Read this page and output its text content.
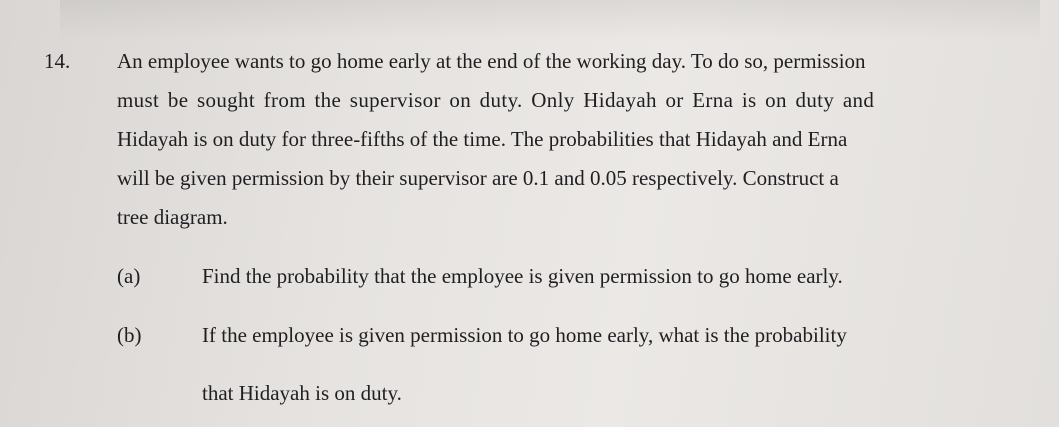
14. An employee wants to go home early at the end of the working day. To do so, permission
must be sought from the supervisor on duty. Only Hidayah or Erna is on duty and
Hidayah is on duty for three-fifths of the time. The probabilities that Hidayah and Erna
will be given permission by their supervisor are 0.1 and 0.05 respectively. Construct a
tree diagram.
(a)	Find the probability that the employee is given permission to go home early.
(b)	If the employee is given permission to go home early, what is the probability
that Hidayah is on duty.
